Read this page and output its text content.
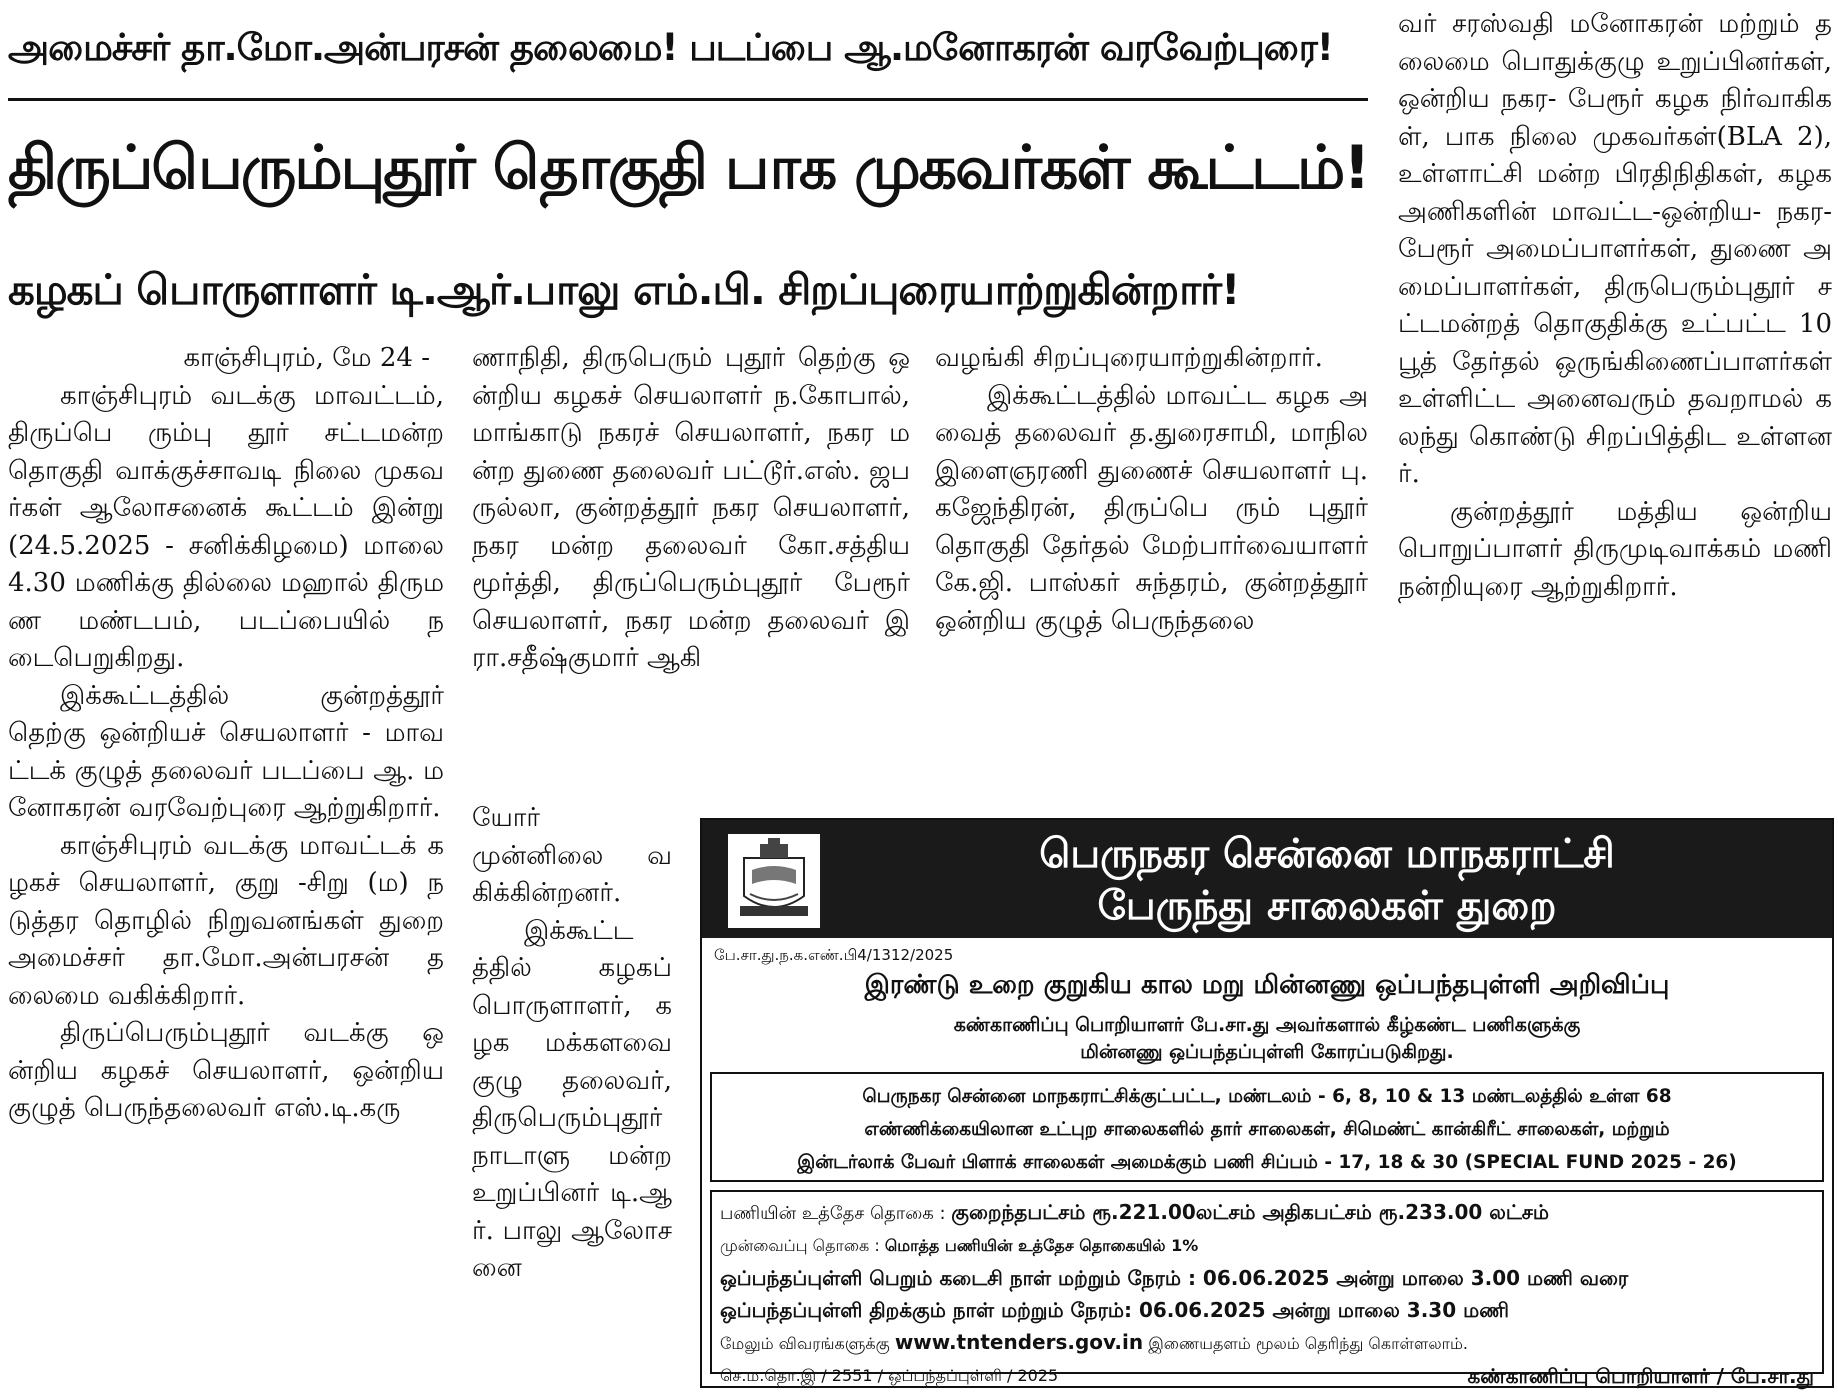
அமைச்சர் தா.மோ.அன்பரசன் தலைமை! படப்பை ஆ.மனோகரன் வரவேற்புரை!
திருப்பெரும்புதூர் தொகுதி பாக முகவர்கள் கூட்டம்!
கழகப் பொருளாளர் டி.ஆர்.பாலு எம்.பி. சிறப்புரையாற்றுகின்றார்!

காஞ்சிபுரம், மே 24 -

காஞ்சிபுரம் வடக்கு மாவட்டம், திருப்பெ ரும்பு தூர் சட்டமன்ற தொகுதி வாக்குச்சாவடி நிலை முகவர்கள் ஆலோசனைக் கூட்டம் இன்று (24.5.2025 - சனிக்கிழமை) மாலை 4.30 மணிக்கு தில்லை மஹால் திருமண மண்டபம், படப்பையில் நடைபெறுகிறது.

இக்கூட்டத்தில் குன்றத்தூர் தெற்கு ஒன்றியச் செயலாளர் - மாவட்டக் குழுத் தலைவர் படப்பை ஆ. மனோகரன் வரவேற்புரை ஆற்றுகிறார்.

காஞ்சிபுரம் வடக்கு மாவட்டக் கழகச் செயலாளர், குறு -சிறு (ம) நடுத்தர தொழில் நிறுவனங்கள் துறை அமைச்சர் தா.மோ.அன்பரசன் தலைமை வகிக்கிறார்.

திருப்பெரும்புதூர் வடக்கு ஒன்றிய கழகச் செயலாளர், ஒன்றிய குழுத் பெருந்தலைவர் எஸ்.டி.கரு

ணாநிதி, திருபெரும் புதூர் தெற்கு ஒன்றிய கழகச் செயலாளர் ந.கோபால், மாங்காடு நகரச் செயலாளர், நகர மன்ற துணை தலைவர் பட்டூர்.எஸ். ஜபருல்லா, குன்றத்தூர் நகர செயலாளர், நகர மன்ற தலைவர் கோ.சத்திய மூர்த்தி, திருப்பெரும்புதூர் பேரூர் செயலாளர், நகர மன்ற தலைவர் இரா.சதீஷ்குமார் ஆகி

யோர் முன்னிலை வகிக்கின்றனர்.

இக்கூட்டத்தில் கழகப் பொருளாளர், கழக மக்களவை குழு தலைவர், திருபெரும்புதூர் நாடாளு மன்ற உறுப்பினர் டி.ஆர். பாலு ஆலோசனை

வழங்கி சிறப்புரையாற்றுகின்றார்.

இக்கூட்டத்தில் மாவட்ட கழக அவைத் தலைவர் த.துரைசாமி, மாநில இளைஞரணி துணைச் செயலாளர் பு.கஜேந்திரன், திருப்பெ ரும் புதூர் தொகுதி தேர்தல் மேற்பார்வையாளர் கே.ஜி. பாஸ்கர் சுந்தரம், குன்றத்தூர் ஒன்றிய குழுத் பெருந்தலை

வர் சரஸ்வதி மனோகரன் மற்றும் தலைமை பொதுக்குழு உறுப்பினர்கள், ஒன்றிய நகர- பேரூர் கழக நிர்வாகிகள், பாக நிலை முகவர்கள்(BLA 2), உள்ளாட்சி மன்ற பிரதிநிதிகள், கழக அணிகளின் மாவட்ட-ஒன்றிய- நகர-பேரூர் அமைப்பாளர்கள், துணை அமைப்பாளர்கள், திருபெரும்புதூர் சட்டமன்றத் தொகுதிக்கு உட்பட்ட 10 பூத் தேர்தல் ஒருங்கிணைப்பாளர்கள் உள்ளிட்ட அனைவரும் தவறாமல் கலந்து கொண்டு சிறப்பித்திட உள்ளனர்.

குன்றத்தூர் மத்திய ஒன்றிய பொறுப்பாளர் திருமுடிவாக்கம் மணி நன்றியுரை ஆற்றுகிறார்.

பெருநகர சென்னை மாநகராட்சி
பேருந்து சாலைகள் துறை
பே.சா.து.ந.க.எண்.பி4/1312/2025
இரண்டு உறை குறுகிய கால மறு மின்னணு ஒப்பந்தபுள்ளி அறிவிப்பு
கண்காணிப்பு பொறியாளர் பே.சா.து அவர்களால் கீழ்கண்ட பணிகளுக்கு
மின்னணு ஒப்பந்தப்புள்ளி கோரப்படுகிறது.
பெருநகர சென்னை மாநகராட்சிக்குட்பட்ட, மண்டலம் - 6, 8, 10 & 13 மண்டலத்தில் உள்ள 68
எண்ணிக்கையிலான உட்புற சாலைகளில் தார் சாலைகள், சிமெண்ட் கான்கிரீட் சாலைகள், மற்றும்
இன்டர்லாக் பேவர் பிளாக் சாலைகள் அமைக்கும் பணி சிப்பம் - 17, 18 & 30 (SPECIAL FUND 2025 - 26)
பணியின் உத்தேச தொகை : குறைந்தபட்சம் ரூ.221.00லட்சம் அதிகபட்சம் ரூ.233.00 லட்சம்
முன்வைப்பு தொகை : மொத்த பணியின் உத்தேச தொகையில் 1%
ஒப்பந்தப்புள்ளி பெறும் கடைசி நாள் மற்றும் நேரம் : 06.06.2025 அன்று மாலை 3.00 மணி வரை
ஒப்பந்தப்புள்ளி திறக்கும் நாள் மற்றும் நேரம்: 06.06.2025 அன்று மாலை 3.30 மணி
மேலும் விவரங்களுக்கு www.tntenders.gov.in இணையதளம் மூலம் தெரிந்து கொள்ளலாம்.
செ.ம.தொ.இ / 2551 / ஒப்பந்தப்புள்ளி / 2025	கண்காணிப்பு பொறியாளர் / பே.சா.து
